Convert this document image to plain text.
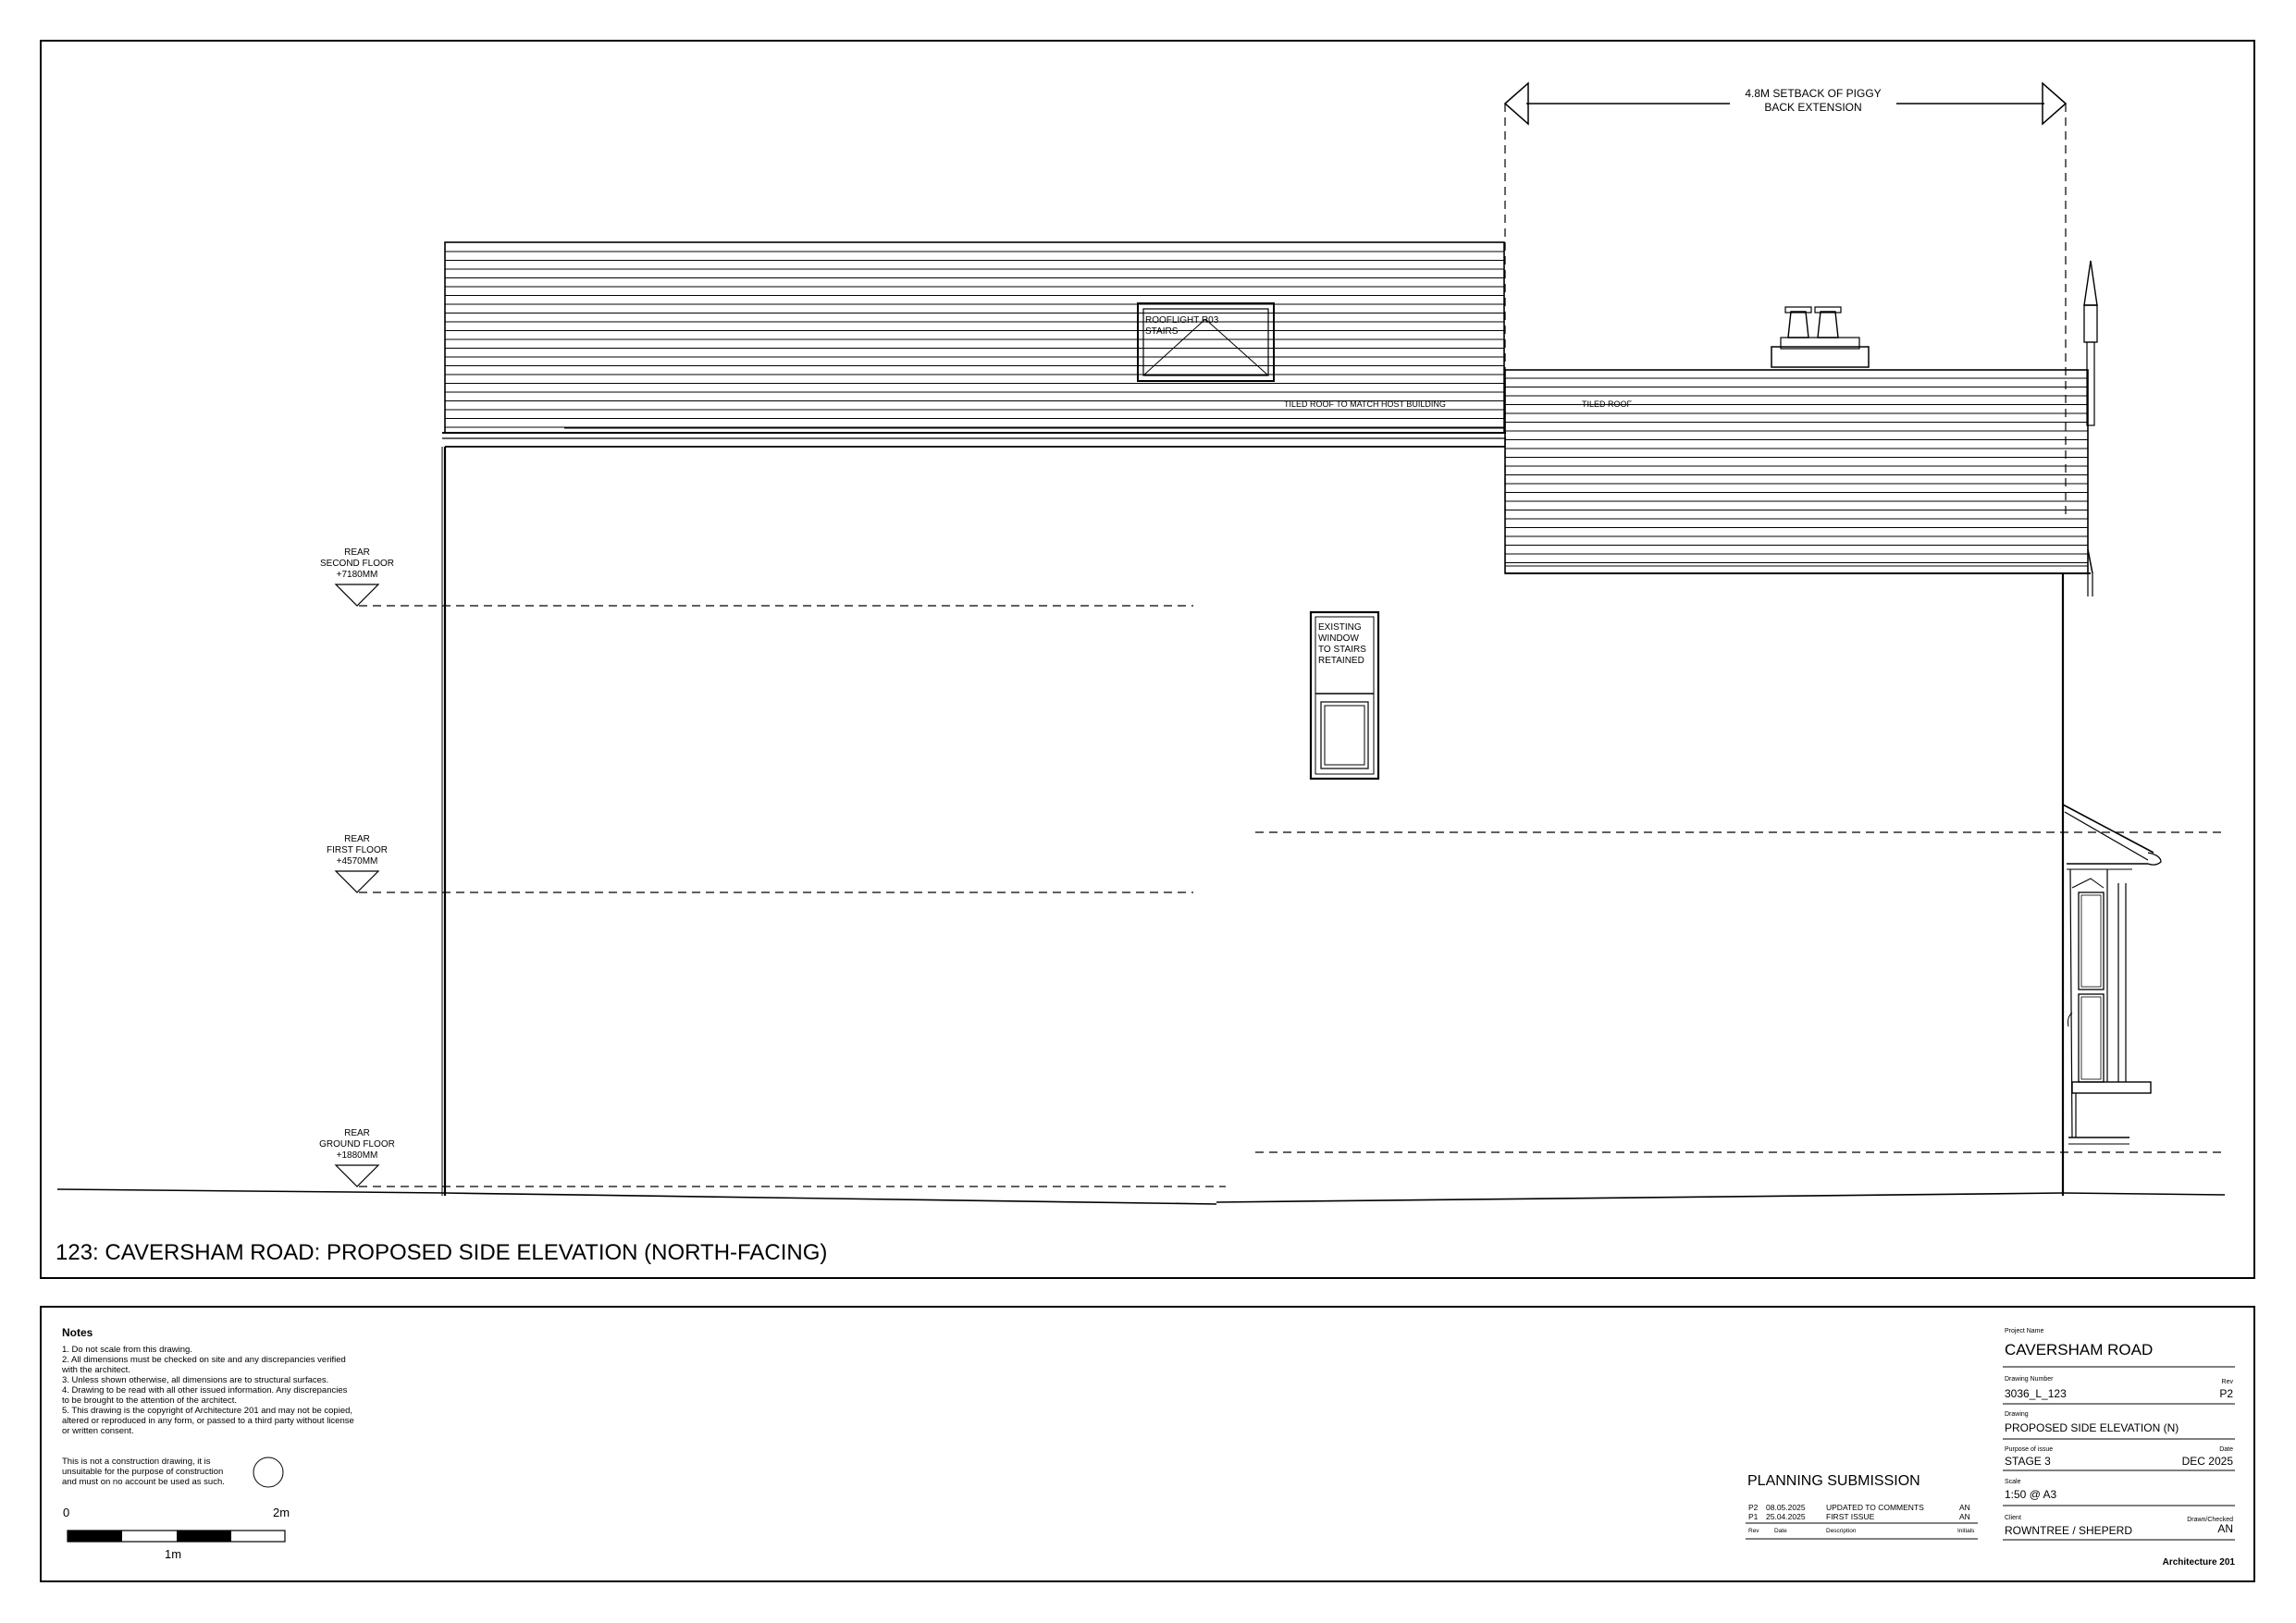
4.8M SETBACK OF PIGGY
BACK EXTENSION
ROOFLIGHT R03
STAIRS
TILED ROOF TO MATCH HOST BUILDING	TILED ROOF
EXISTING
WINDOW
TO STAIRS
RETAINED
REAR
SECOND FLOOR
+7180MM
REAR
FIRST FLOOR
+4570MM
REAR
GROUND FLOOR
+1880MM
123: CAVERSHAM ROAD: PROPOSED SIDE ELEVATION (NORTH-FACING)
Notes
1. Do not scale from this drawing.
2. All dimensions must be checked on site and any discrepancies verified
with the architect.
3. Unless shown otherwise, all dimensions are to structural surfaces.
4. Drawing to be read with all other issued information. Any discrepancies
to be brought to the attention of the architect.
5. This drawing is the copyright of Architecture 201 and may not be copied,
altered or reproduced in any form, or passed to a third party without license
or written consent.
This is not a construction drawing, it is
unsuitable for the purpose of construction
and must on no account be used as such.
0	2m
1m
PLANNING SUBMISSION
P2 08.05.2025	UPDATED TO COMMENTS	AN
P1 25.04.2025	FIRST ISSUE	AN
Rev	Date	Description	Initials
Project Name
CAVERSHAM ROAD
Drawing Number	Rev
3036_L_123	P2
Drawing
PROPOSED SIDE ELEVATION (N)
Purpose of issue	Date
STAGE 3	DEC 2025
Scale
1:50 @ A3
Client	Drawn/Checked
ROWNTREE / SHEPERD	AN
Architecture 201
